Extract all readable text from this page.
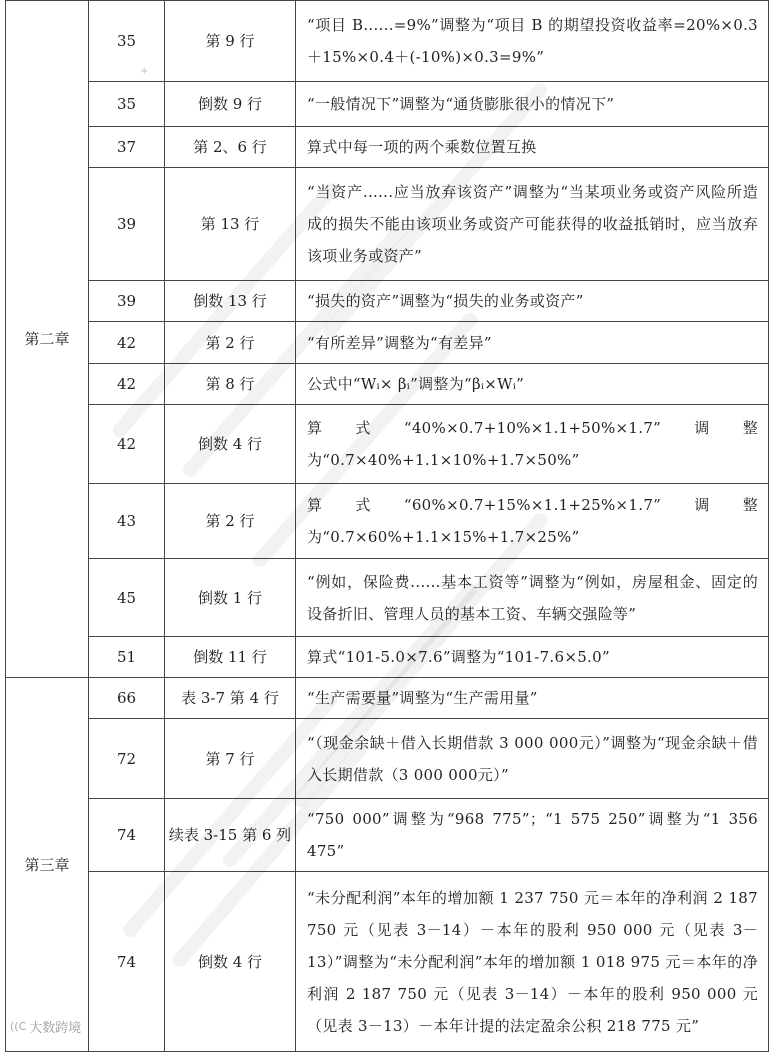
第二章	35	第 9 行	“项目 B......=9%”调整为“项目 B 的期望投资收益率=20%×0.3＋15%×0.4＋(-10%)×0.3=9%”
	35	倒数 9 行	“一般情况下”调整为“通货膨胀很小的情况下”
	37	第 2、6 行	算式中每一项的两个乘数位置互换
	39	第 13 行	“当资产......应当放弃该资产”调整为“当某项业务或资产风险所造成的损失不能由该项业务或资产可能获得的收益抵销时，应当放弃该项业务或资产”
	39	倒数 13 行	“损失的资产”调整为“损失的业务或资产”
	42	第 2 行	“有所差异”调整为“有差异”
	42	第 8 行	公式中“Wᵢ× βᵢ”调整为“βᵢ×Wᵢ”
	42	倒数 4 行	算式“40%×0.7+10%×1.1+50%×1.7”调整为“0.7×40%+1.1×10%+1.7×50%”
	43	第 2 行	算式“60%×0.7+15%×1.1+25%×1.7”调整为“0.7×60%+1.1×15%+1.7×25%”
	45	倒数 1 行	“例如，保险费......基本工资等”调整为“例如，房屋租金、固定的设备折旧、管理人员的基本工资、车辆交强险等”
	51	倒数 11 行	算式“101-5.0×7.6”调整为“101-7.6×5.0”
第三章	66	表 3-7 第 4 行	“生产需要量”调整为“生产需用量”
	72	第 7 行	“（现金余缺＋借入长期借款 3 000 000元）”调整为“现金余缺＋借入长期借款（3 000 000元）”
	74	续表 3-15 第 6 列	“750 000”调整为“968 775”；“1 575 250”调整为“1 356 475”
	74	倒数 4 行	“未分配利润”本年的增加额 1 237 750 元＝本年的净利润 2 187 750 元（见表 3－14）－本年的股利 950 000 元（见表 3－13）”调整为“未分配利润”本年的增加额 1 018 975 元＝本年的净利润 2 187 750 元（见表 3－14）－本年的股利 950 000 元（见表 3－13）－本年计提的法定盈余公积 218 775 元”
+
((C 大数跨境
